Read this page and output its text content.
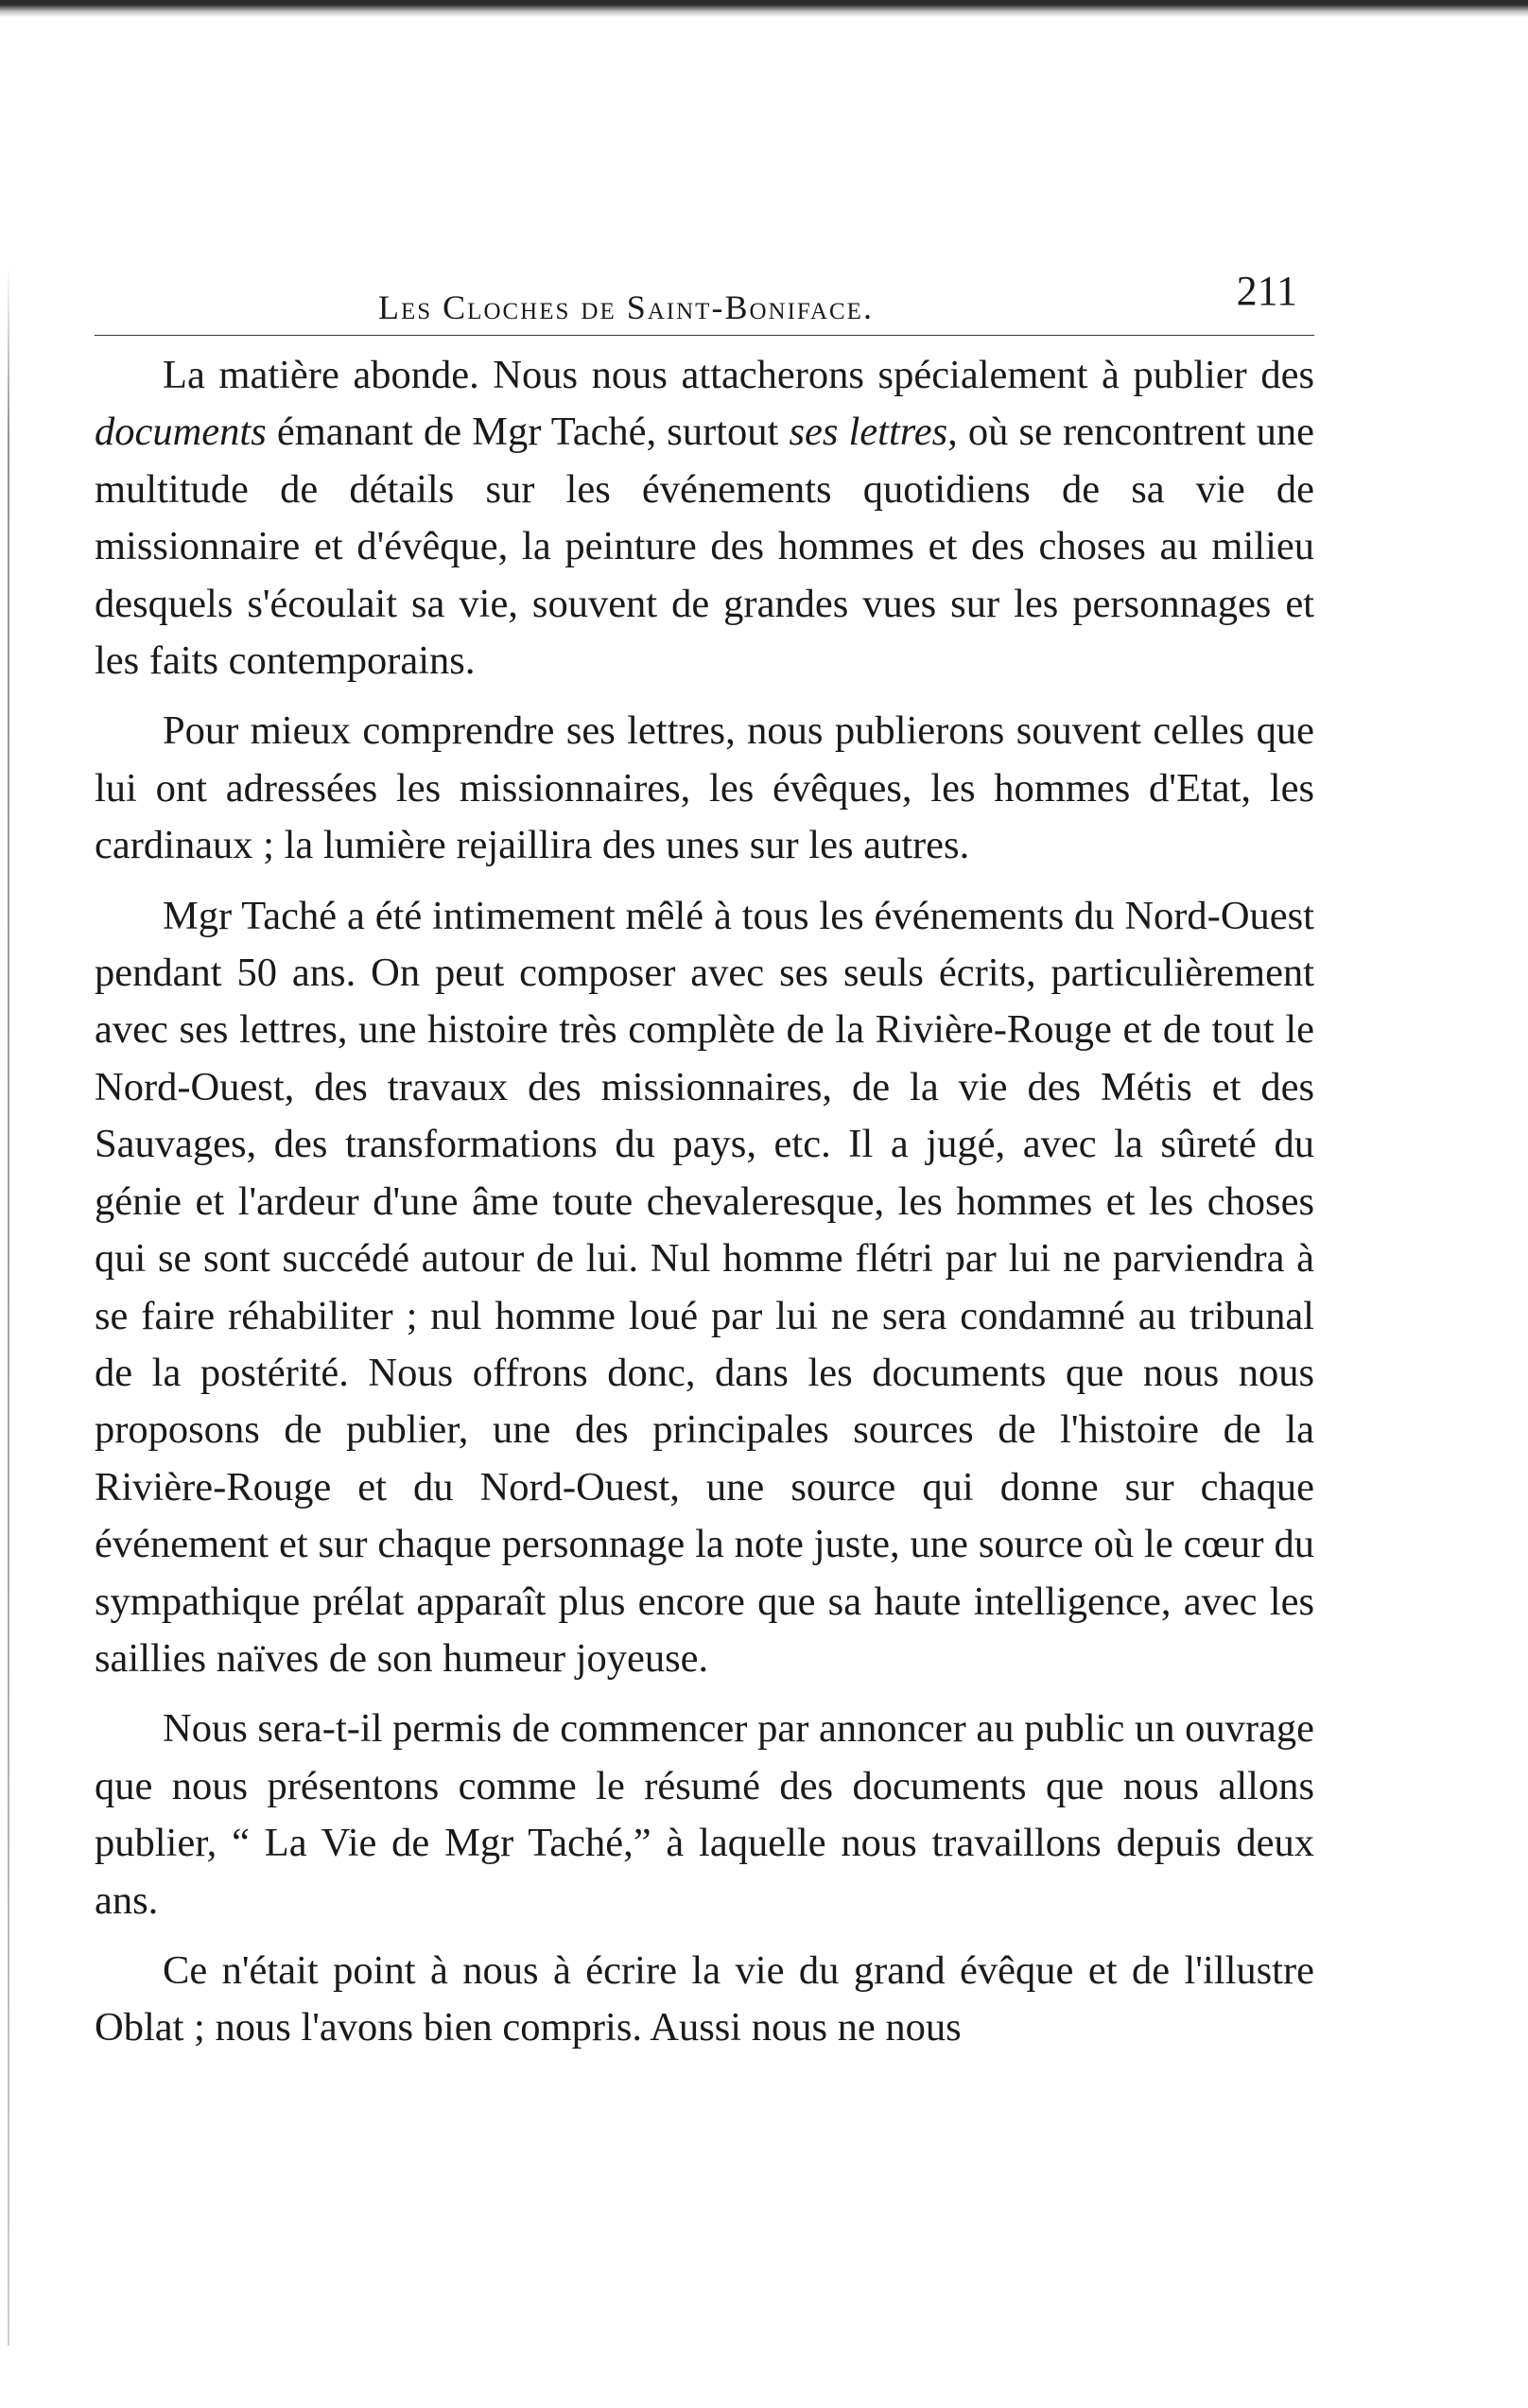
Les Cloches de Saint-Boniface.	211

La matière abonde. Nous nous attacherons spécialement à publier des documents émanant de Mgr Taché, surtout ses lettres, où se rencontrent une multitude de détails sur les événements quotidiens de sa vie de missionnaire et d'évêque, la peinture des hommes et des choses au milieu desquels s'écoulait sa vie, souvent de grandes vues sur les personnages et les faits contemporains.

Pour mieux comprendre ses lettres, nous publierons souvent celles que lui ont adressées les missionnaires, les évêques, les hommes d'Etat, les cardinaux ; la lumière rejaillira des unes sur les autres.

Mgr Taché a été intimement mêlé à tous les événements du Nord-Ouest pendant 50 ans. On peut composer avec ses seuls écrits, particulièrement avec ses lettres, une histoire très complète de la Rivière-Rouge et de tout le Nord-Ouest, des travaux des missionnaires, de la vie des Métis et des Sauvages, des transformations du pays, etc. Il a jugé, avec la sûreté du génie et l'ardeur d'une âme toute chevaleresque, les hommes et les choses qui se sont succédé autour de lui. Nul homme flétri par lui ne parviendra à se faire réhabiliter ; nul homme loué par lui ne sera condamné au tribunal de la postérité. Nous offrons donc, dans les documents que nous nous proposons de publier, une des principales sources de l'histoire de la Rivière-Rouge et du Nord-Ouest, une source qui donne sur chaque événement et sur chaque personnage la note juste, une source où le cœur du sympathique prélat apparaît plus encore que sa haute intelligence, avec les saillies naïves de son humeur joyeuse.

Nous sera-t-il permis de commencer par annoncer au public un ouvrage que nous présentons comme le résumé des documents que nous allons publier, “ La Vie de Mgr Taché,” à laquelle nous travaillons depuis deux ans.

Ce n'était point à nous à écrire la vie du grand évêque et de l'illustre Oblat ; nous l'avons bien compris. Aussi nous ne nous
